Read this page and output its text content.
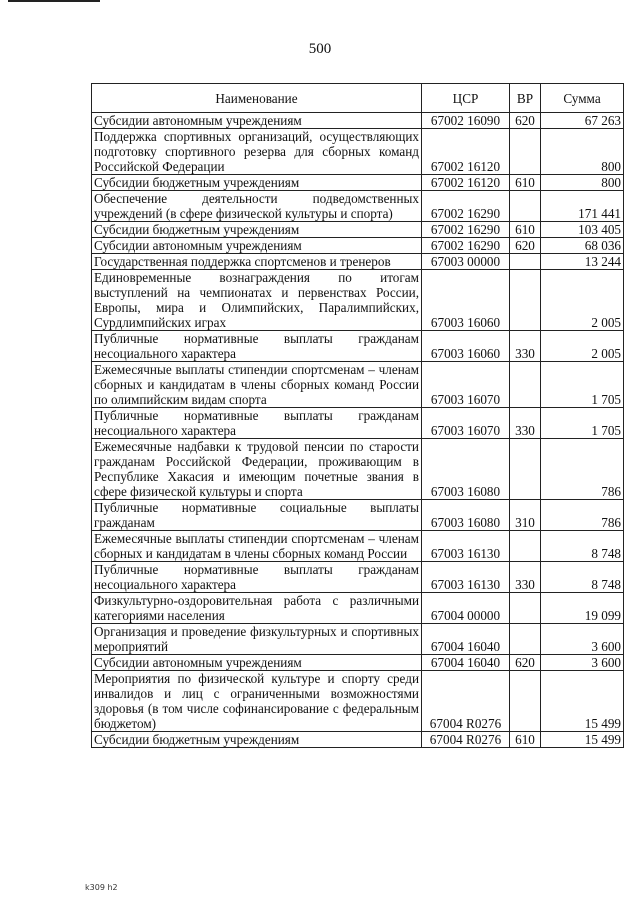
500
Наименование	ЦСР	ВР	Сумма
Субсидии автономным учреждениям	67002 16090	620	67 263
Поддержка спортивных организаций, осуществляющих подготовку спортивного резерва для сборных команд Российской Федерации	67002 16120		800
Субсидии бюджетным учреждениям	67002 16120	610	800
Обеспечение деятельности подведомственных учреждений (в сфере физической культуры и спорта)	67002 16290		171 441
Субсидии бюджетным учреждениям	67002 16290	610	103 405
Субсидии автономным учреждениям	67002 16290	620	68 036
Государственная поддержка спортсменов и тренеров	67003 00000		13 244
Единовременные вознаграждения по итогам выступлений на чемпионатах и первенствах России, Европы, мира и Олимпийских, Паралимпийских, Сурдлимпийских играх	67003 16060		2 005
Публичные нормативные выплаты гражданам несоциального характера	67003 16060	330	2 005
Ежемесячные выплаты стипендии спортсменам – членам сборных и кандидатам в члены сборных команд России по олимпийским видам спорта	67003 16070		1 705
Публичные нормативные выплаты гражданам несоциального характера	67003 16070	330	1 705
Ежемесячные надбавки к трудовой пенсии по старости гражданам Российской Федерации, проживающим в Республике Хакасия и имеющим почетные звания в сфере физической культуры и спорта	67003 16080		786
Публичные нормативные социальные выплаты гражданам	67003 16080	310	786
Ежемесячные выплаты стипендии спортсменам – членам сборных и кандидатам в члены сборных команд России	67003 16130		8 748
Публичные нормативные выплаты гражданам несоциального характера	67003 16130	330	8 748
Физкультурно-оздоровительная работа с различными категориями населения	67004 00000		19 099
Организация и проведение физкультурных и спортивных мероприятий	67004 16040		3 600
Субсидии автономным учреждениям	67004 16040	620	3 600
Мероприятия по физической культуре и спорту среди инвалидов и лиц с ограниченными возможностями здоровья (в том числе софинансирование с федеральным бюджетом)	67004 R0276		15 499
Субсидии бюджетным учреждениям	67004 R0276	610	15 499
k309 h2
